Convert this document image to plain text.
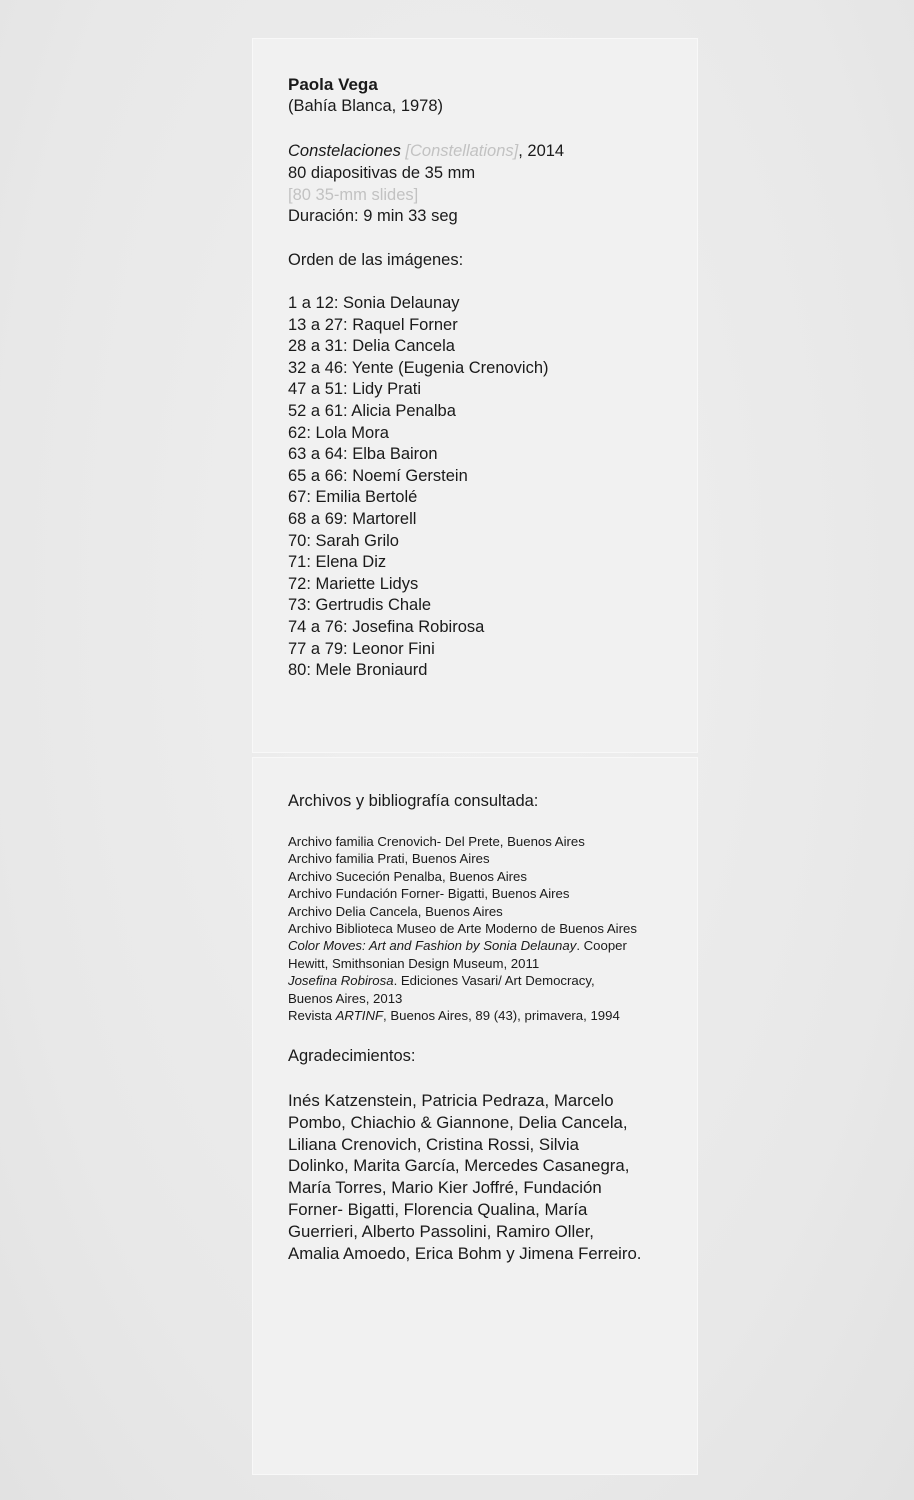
Paola Vega
(Bahía Blanca, 1978)
Constelaciones [Constellations], 2014
80 diapositivas de 35 mm
[80 35-mm slides]
Duración: 9 min 33 seg
Orden de las imágenes:
1 a 12: Sonia Delaunay
13 a 27: Raquel Forner
28 a 31: Delia Cancela
32 a 46: Yente (Eugenia Crenovich)
47 a 51: Lidy Prati
52 a 61: Alicia Penalba
62: Lola Mora
63 a 64: Elba Bairon
65 a 66: Noemí Gerstein
67: Emilia Bertolé
68 a 69: Martorell
70: Sarah Grilo
71: Elena Diz
72: Mariette Lidys
73: Gertrudis Chale
74 a 76: Josefina Robirosa
77 a 79: Leonor Fini
80: Mele Broniaurd
Archivos y bibliografía consultada:
Archivo familia Crenovich- Del Prete, Buenos Aires
Archivo familia Prati, Buenos Aires
Archivo Suceción Penalba, Buenos Aires
Archivo Fundación Forner- Bigatti, Buenos Aires
Archivo Delia Cancela, Buenos Aires
Archivo Biblioteca Museo de Arte Moderno de Buenos Aires
Color Moves: Art and Fashion by Sonia Delaunay. Cooper
Hewitt, Smithsonian Design Museum, 2011
Josefina Robirosa. Ediciones Vasari/ Art Democracy,
Buenos Aires, 2013
Revista ARTINF, Buenos Aires, 89 (43), primavera, 1994
Agradecimientos:
Inés Katzenstein, Patricia Pedraza, Marcelo
Pombo, Chiachio & Giannone, Delia Cancela,
Liliana Crenovich, Cristina Rossi, Silvia
Dolinko, Marita García, Mercedes Casanegra,
María Torres, Mario Kier Joffré, Fundación
Forner- Bigatti, Florencia Qualina, María
Guerrieri, Alberto Passolini, Ramiro Oller,
Amalia Amoedo, Erica Bohm y Jimena Ferreiro.
